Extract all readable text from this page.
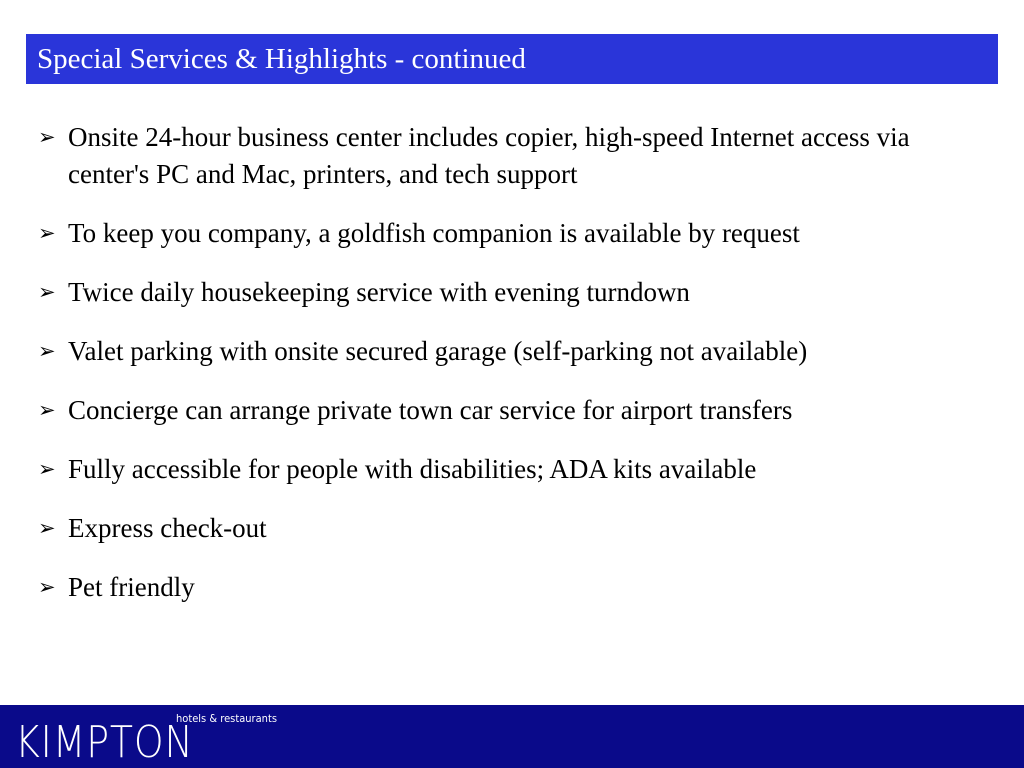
Special Services & Highlights - continued
➢ Onsite 24-hour business center includes copier, high-speed Internet access via center's PC and Mac, printers, and tech support
➢ To keep you company, a goldfish companion is available by request
➢ Twice daily housekeeping service with evening turndown
➢ Valet parking with onsite secured garage (self-parking not available)
➢ Concierge can arrange private town car service for airport transfers
➢ Fully accessible for people with disabilities; ADA kits available
➢ Express check-out
➢ Pet friendly
KIMPTON
hotels & restaurants
